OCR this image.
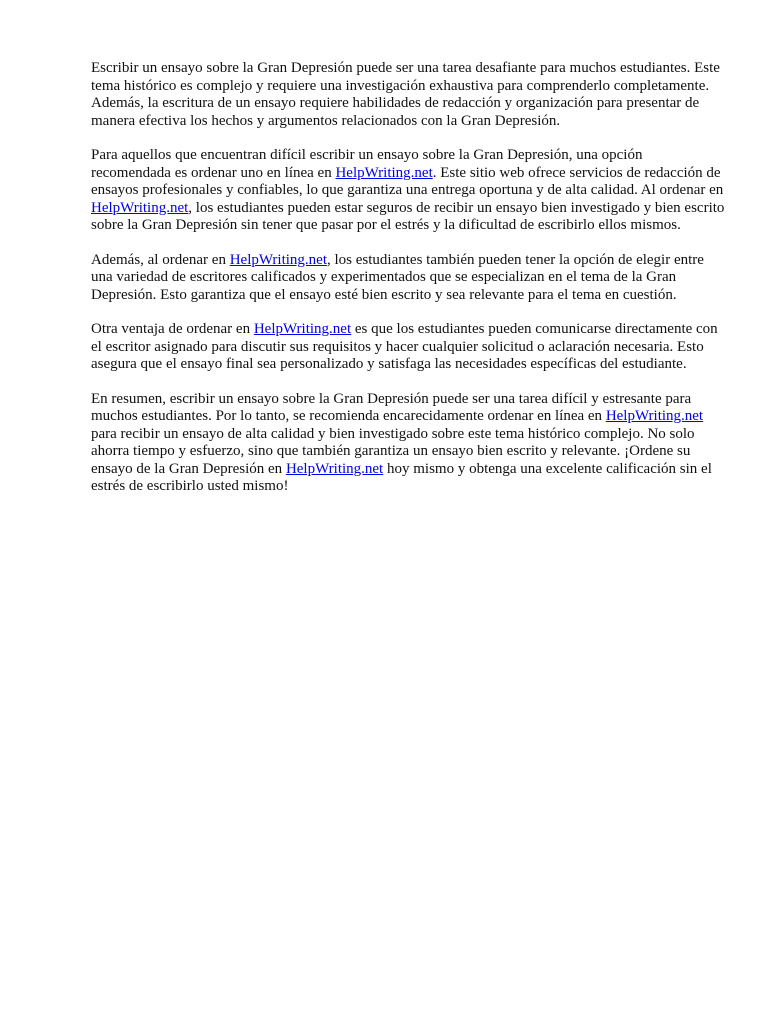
Escribir un ensayo sobre la Gran Depresión puede ser una tarea desafiante para muchos estudiantes. Este tema histórico es complejo y requiere una investigación exhaustiva para comprenderlo completamente. Además, la escritura de un ensayo requiere habilidades de redacción y organización para presentar de manera efectiva los hechos y argumentos relacionados con la Gran Depresión.

Para aquellos que encuentran difícil escribir un ensayo sobre la Gran Depresión, una opción recomendada es ordenar uno en línea en HelpWriting.net. Este sitio web ofrece servicios de redacción de ensayos profesionales y confiables, lo que garantiza una entrega oportuna y de alta calidad. Al ordenar en HelpWriting.net, los estudiantes pueden estar seguros de recibir un ensayo bien investigado y bien escrito sobre la Gran Depresión sin tener que pasar por el estrés y la dificultad de escribirlo ellos mismos.

Además, al ordenar en HelpWriting.net, los estudiantes también pueden tener la opción de elegir entre una variedad de escritores calificados y experimentados que se especializan en el tema de la Gran Depresión. Esto garantiza que el ensayo esté bien escrito y sea relevante para el tema en cuestión.

Otra ventaja de ordenar en HelpWriting.net es que los estudiantes pueden comunicarse directamente con el escritor asignado para discutir sus requisitos y hacer cualquier solicitud o aclaración necesaria. Esto asegura que el ensayo final sea personalizado y satisfaga las necesidades específicas del estudiante.

En resumen, escribir un ensayo sobre la Gran Depresión puede ser una tarea difícil y estresante para muchos estudiantes. Por lo tanto, se recomienda encarecidamente ordenar en línea en HelpWriting.net para recibir un ensayo de alta calidad y bien investigado sobre este tema histórico complejo. No solo ahorra tiempo y esfuerzo, sino que también garantiza un ensayo bien escrito y relevante. ¡Ordene su ensayo de la Gran Depresión en HelpWriting.net hoy mismo y obtenga una excelente calificación sin el estrés de escribirlo usted mismo!
